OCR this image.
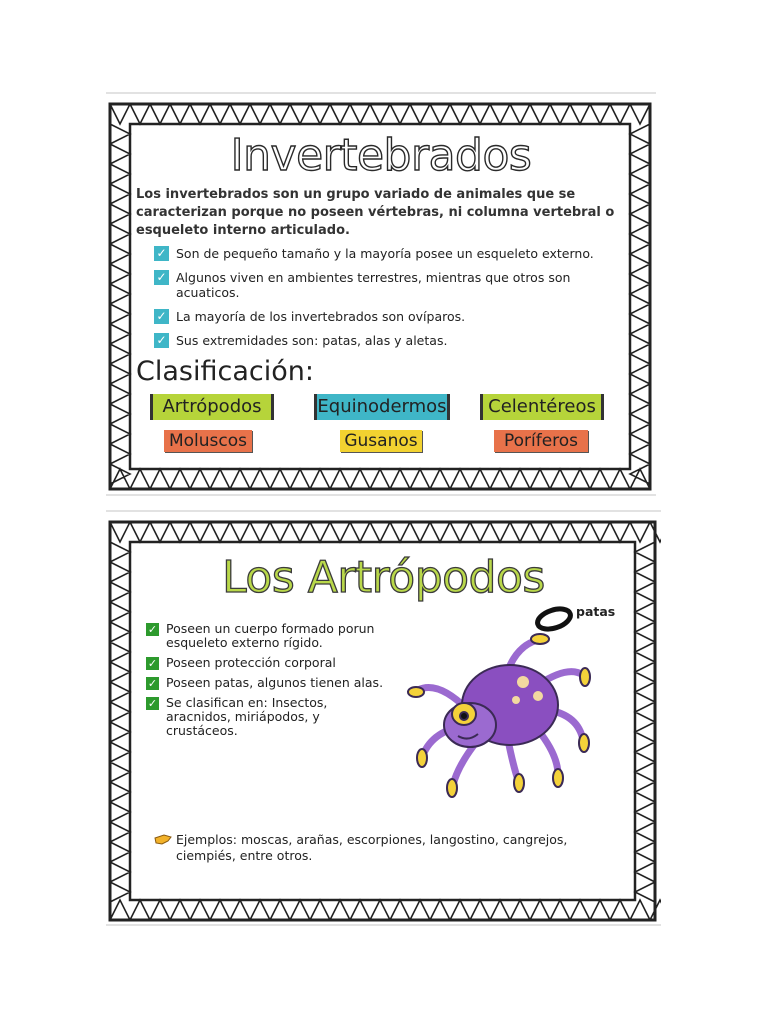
Invertebrados
Los invertebrados son un grupo variado de animales que se caracterizan porque no poseen vértebras, ni columna vertebral o esqueleto interno articulado.
✓ Son de pequeño tamaño y la mayoría posee un esqueleto externo.
✓ Algunos viven en ambientes terrestres, mientras que otros son acuaticos.
✓ La mayoría de los invertebrados son ovíparos.
✓ Sus extremidades son: patas, alas y aletas.
Clasificación:
Artrópodos	Equinodermos	Celentéreos
Moluscos	Gusanos	Poríferos
Los Artrópodos
✓ Poseen un cuerpo formado porun esqueleto externo rígido.
✓ Poseen protección corporal
✓ Poseen patas, algunos tienen alas.
✓ Se clasifican en: Insectos, aracnidos, miriápodos, y crustáceos.
patas
Ejemplos: moscas, arañas, escorpiones, langostino, cangrejos, ciempiés, entre otros.
